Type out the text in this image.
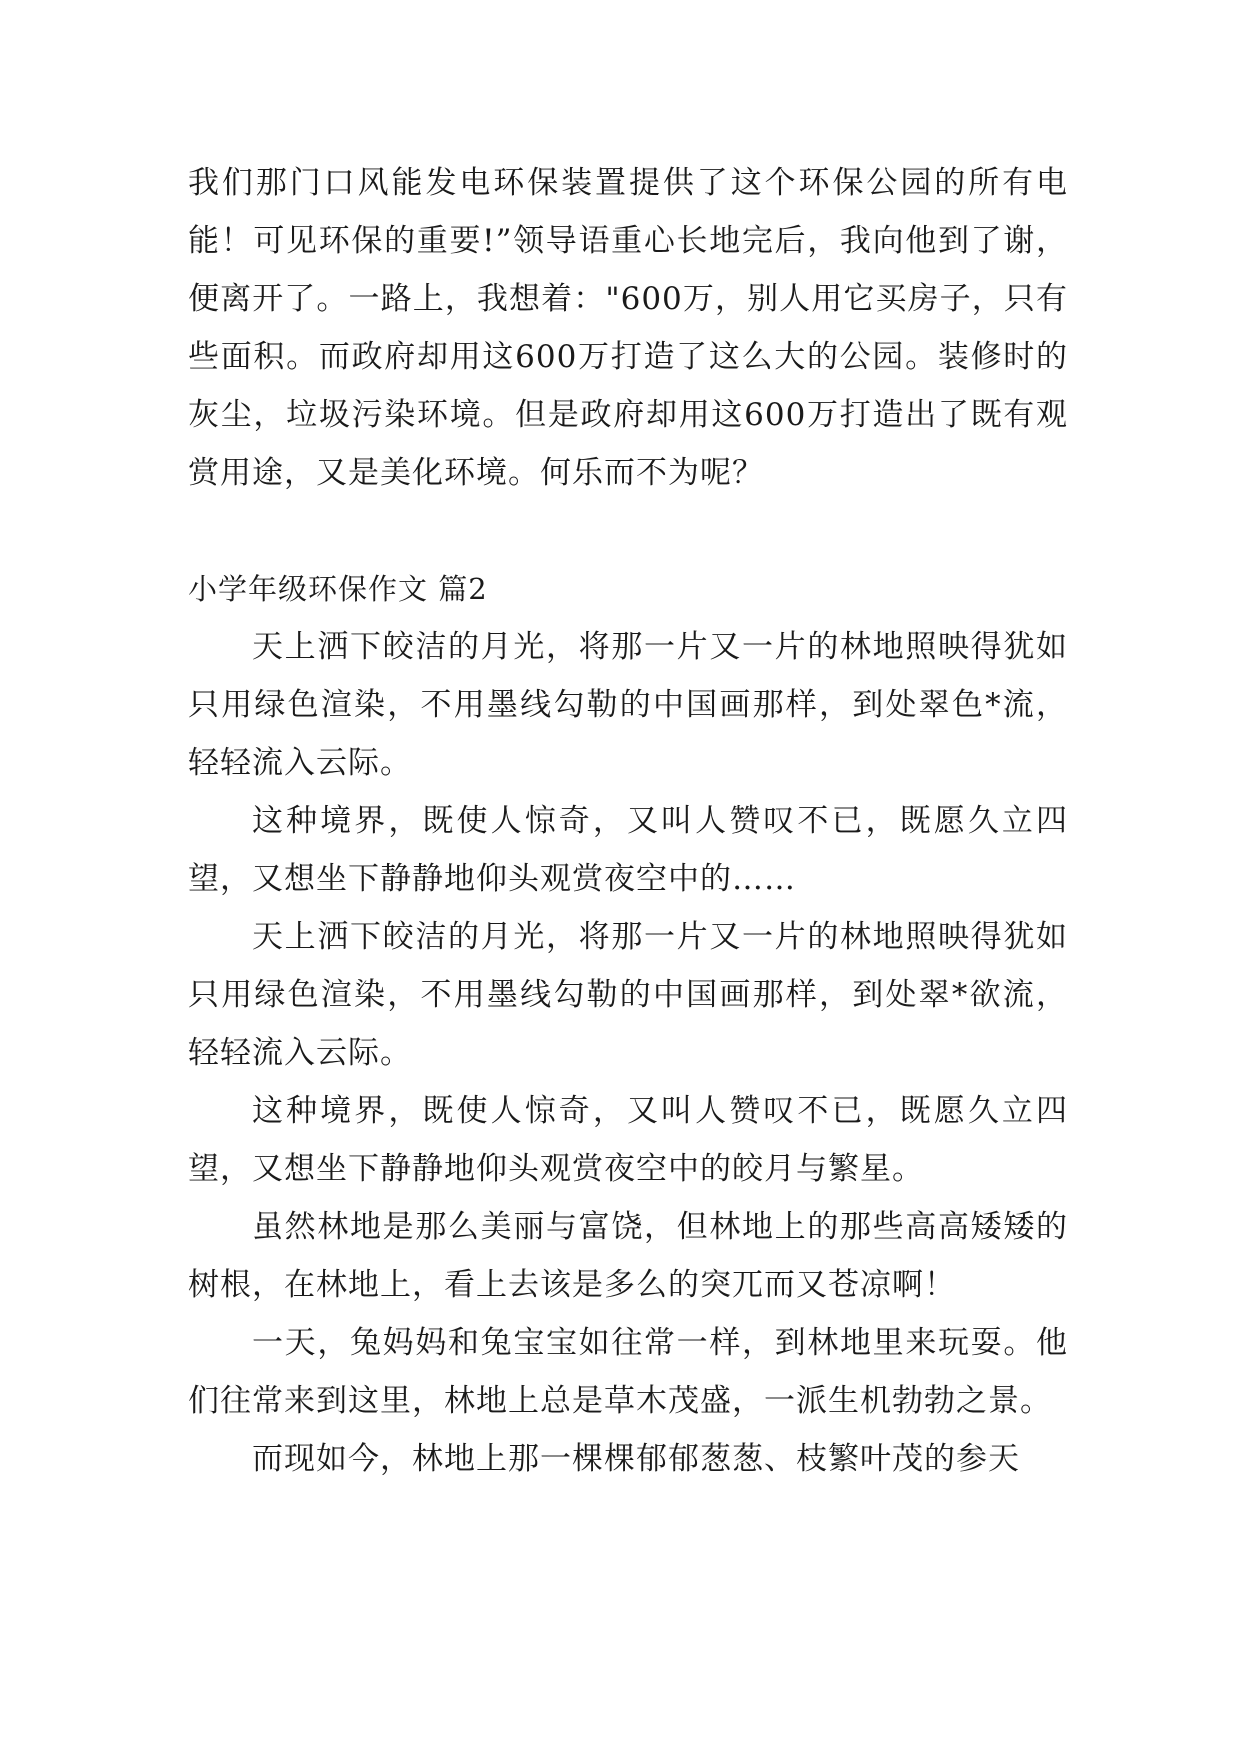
我们那门口风能发电环保装置提供了这个环保公园的所有电能！可见环保的重要!”领导语重心长地完后，我向他到了谢，便离开了。一路上，我想着："600万，别人用它买房子，只有些面积。而政府却用这600万打造了这么大的公园。装修时的灰尘，垃圾污染环境。但是政府却用这600万打造出了既有观赏用途，又是美化环境。何乐而不为呢？

小学年级环保作文 篇2

天上洒下皎洁的月光，将那一片又一片的林地照映得犹如只用绿色渲染，不用墨线勾勒的中国画那样，到处翠色*流，轻轻流入云际。

这种境界，既使人惊奇，又叫人赞叹不已，既愿久立四望，又想坐下静静地仰头观赏夜空中的……

天上洒下皎洁的月光，将那一片又一片的林地照映得犹如只用绿色渲染，不用墨线勾勒的中国画那样，到处翠*欲流，轻轻流入云际。

这种境界，既使人惊奇，又叫人赞叹不已，既愿久立四望，又想坐下静静地仰头观赏夜空中的皎月与繁星。

虽然林地是那么美丽与富饶，但林地上的那些高高矮矮的树根，在林地上，看上去该是多么的突兀而又苍凉啊！

一天，兔妈妈和兔宝宝如往常一样，到林地里来玩耍。他们往常来到这里，林地上总是草木茂盛，一派生机勃勃之景。

而现如今，林地上那一棵棵郁郁葱葱、枝繁叶茂的参天
